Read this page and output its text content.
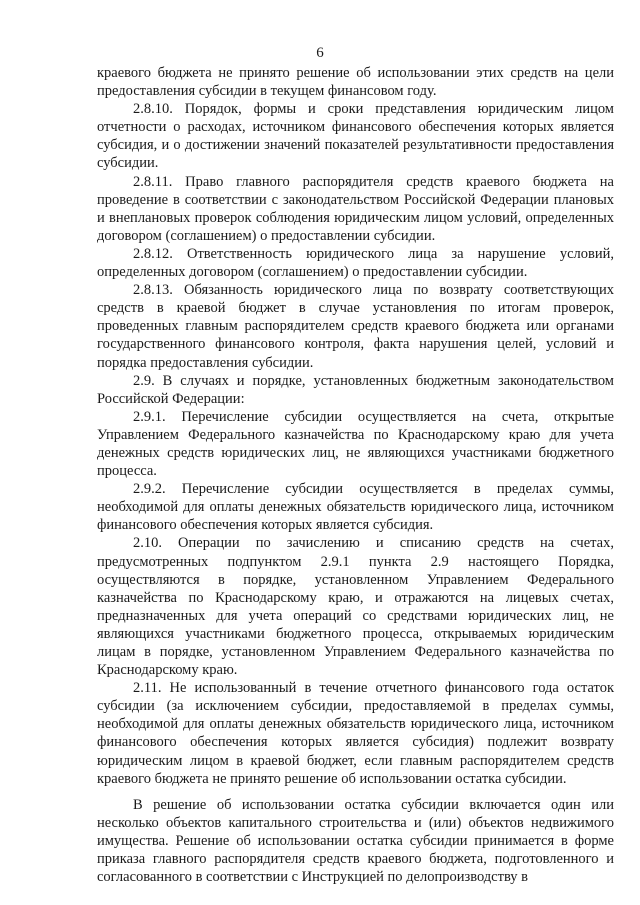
6

краевого бюджета не принято решение об использовании этих средств на цели предоставления субсидии в текущем финансовом году.

2.8.10. Порядок, формы и сроки представления юридическим лицом отчетности о расходах, источником финансового обеспечения которых является субсидия, и о достижении значений показателей результативности предоставления субсидии.

2.8.11. Право главного распорядителя средств краевого бюджета на проведение в соответствии с законодательством Российской Федерации плановых и внеплановых проверок соблюдения юридическим лицом условий, определенных договором (соглашением) о предоставлении субсидии.

2.8.12. Ответственность юридического лица за нарушение условий, определенных договором (соглашением) о предоставлении субсидии.

2.8.13. Обязанность юридического лица по возврату соответствующих средств в краевой бюджет в случае установления по итогам проверок, проведенных главным распорядителем средств краевого бюджета или органами государственного финансового контроля, факта нарушения целей, условий и порядка предоставления субсидии.

2.9. В случаях и порядке, установленных бюджетным законодательством Российской Федерации:

2.9.1. Перечисление субсидии осуществляется на счета, открытые Управлением Федерального казначейства по Краснодарскому краю для учета денежных средств юридических лиц, не являющихся участниками бюджетного процесса.

2.9.2. Перечисление субсидии осуществляется в пределах суммы, необходимой для оплаты денежных обязательств юридического лица, источником финансового обеспечения которых является субсидия.

2.10. Операции по зачислению и списанию средств на счетах, предусмотренных подпунктом 2.9.1 пункта 2.9 настоящего Порядка, осуществляются в порядке, установленном Управлением Федерального казначейства по Краснодарскому краю, и отражаются на лицевых счетах, предназначенных для учета операций со средствами юридических лиц, не являющихся участниками бюджетного процесса, открываемых юридическим лицам в порядке, установленном Управлением Федерального казначейства по Краснодарскому краю.

2.11. Не использованный в течение отчетного финансового года остаток субсидии (за исключением субсидии, предоставляемой в пределах суммы, необходимой для оплаты денежных обязательств юридического лица, источником финансового обеспечения которых является субсидия) подлежит возврату юридическим лицом в краевой бюджет, если главным распорядителем средств краевого бюджета не принято решение об использовании остатка субсидии.

В решение об использовании остатка субсидии включается один или несколько объектов капитального строительства и (или) объектов недвижимого имущества. Решение об использовании остатка субсидии принимается в форме приказа главного распорядителя средств краевого бюджета, подготовленного и согласованного в соответствии с Инструкцией по делопроизводству в
